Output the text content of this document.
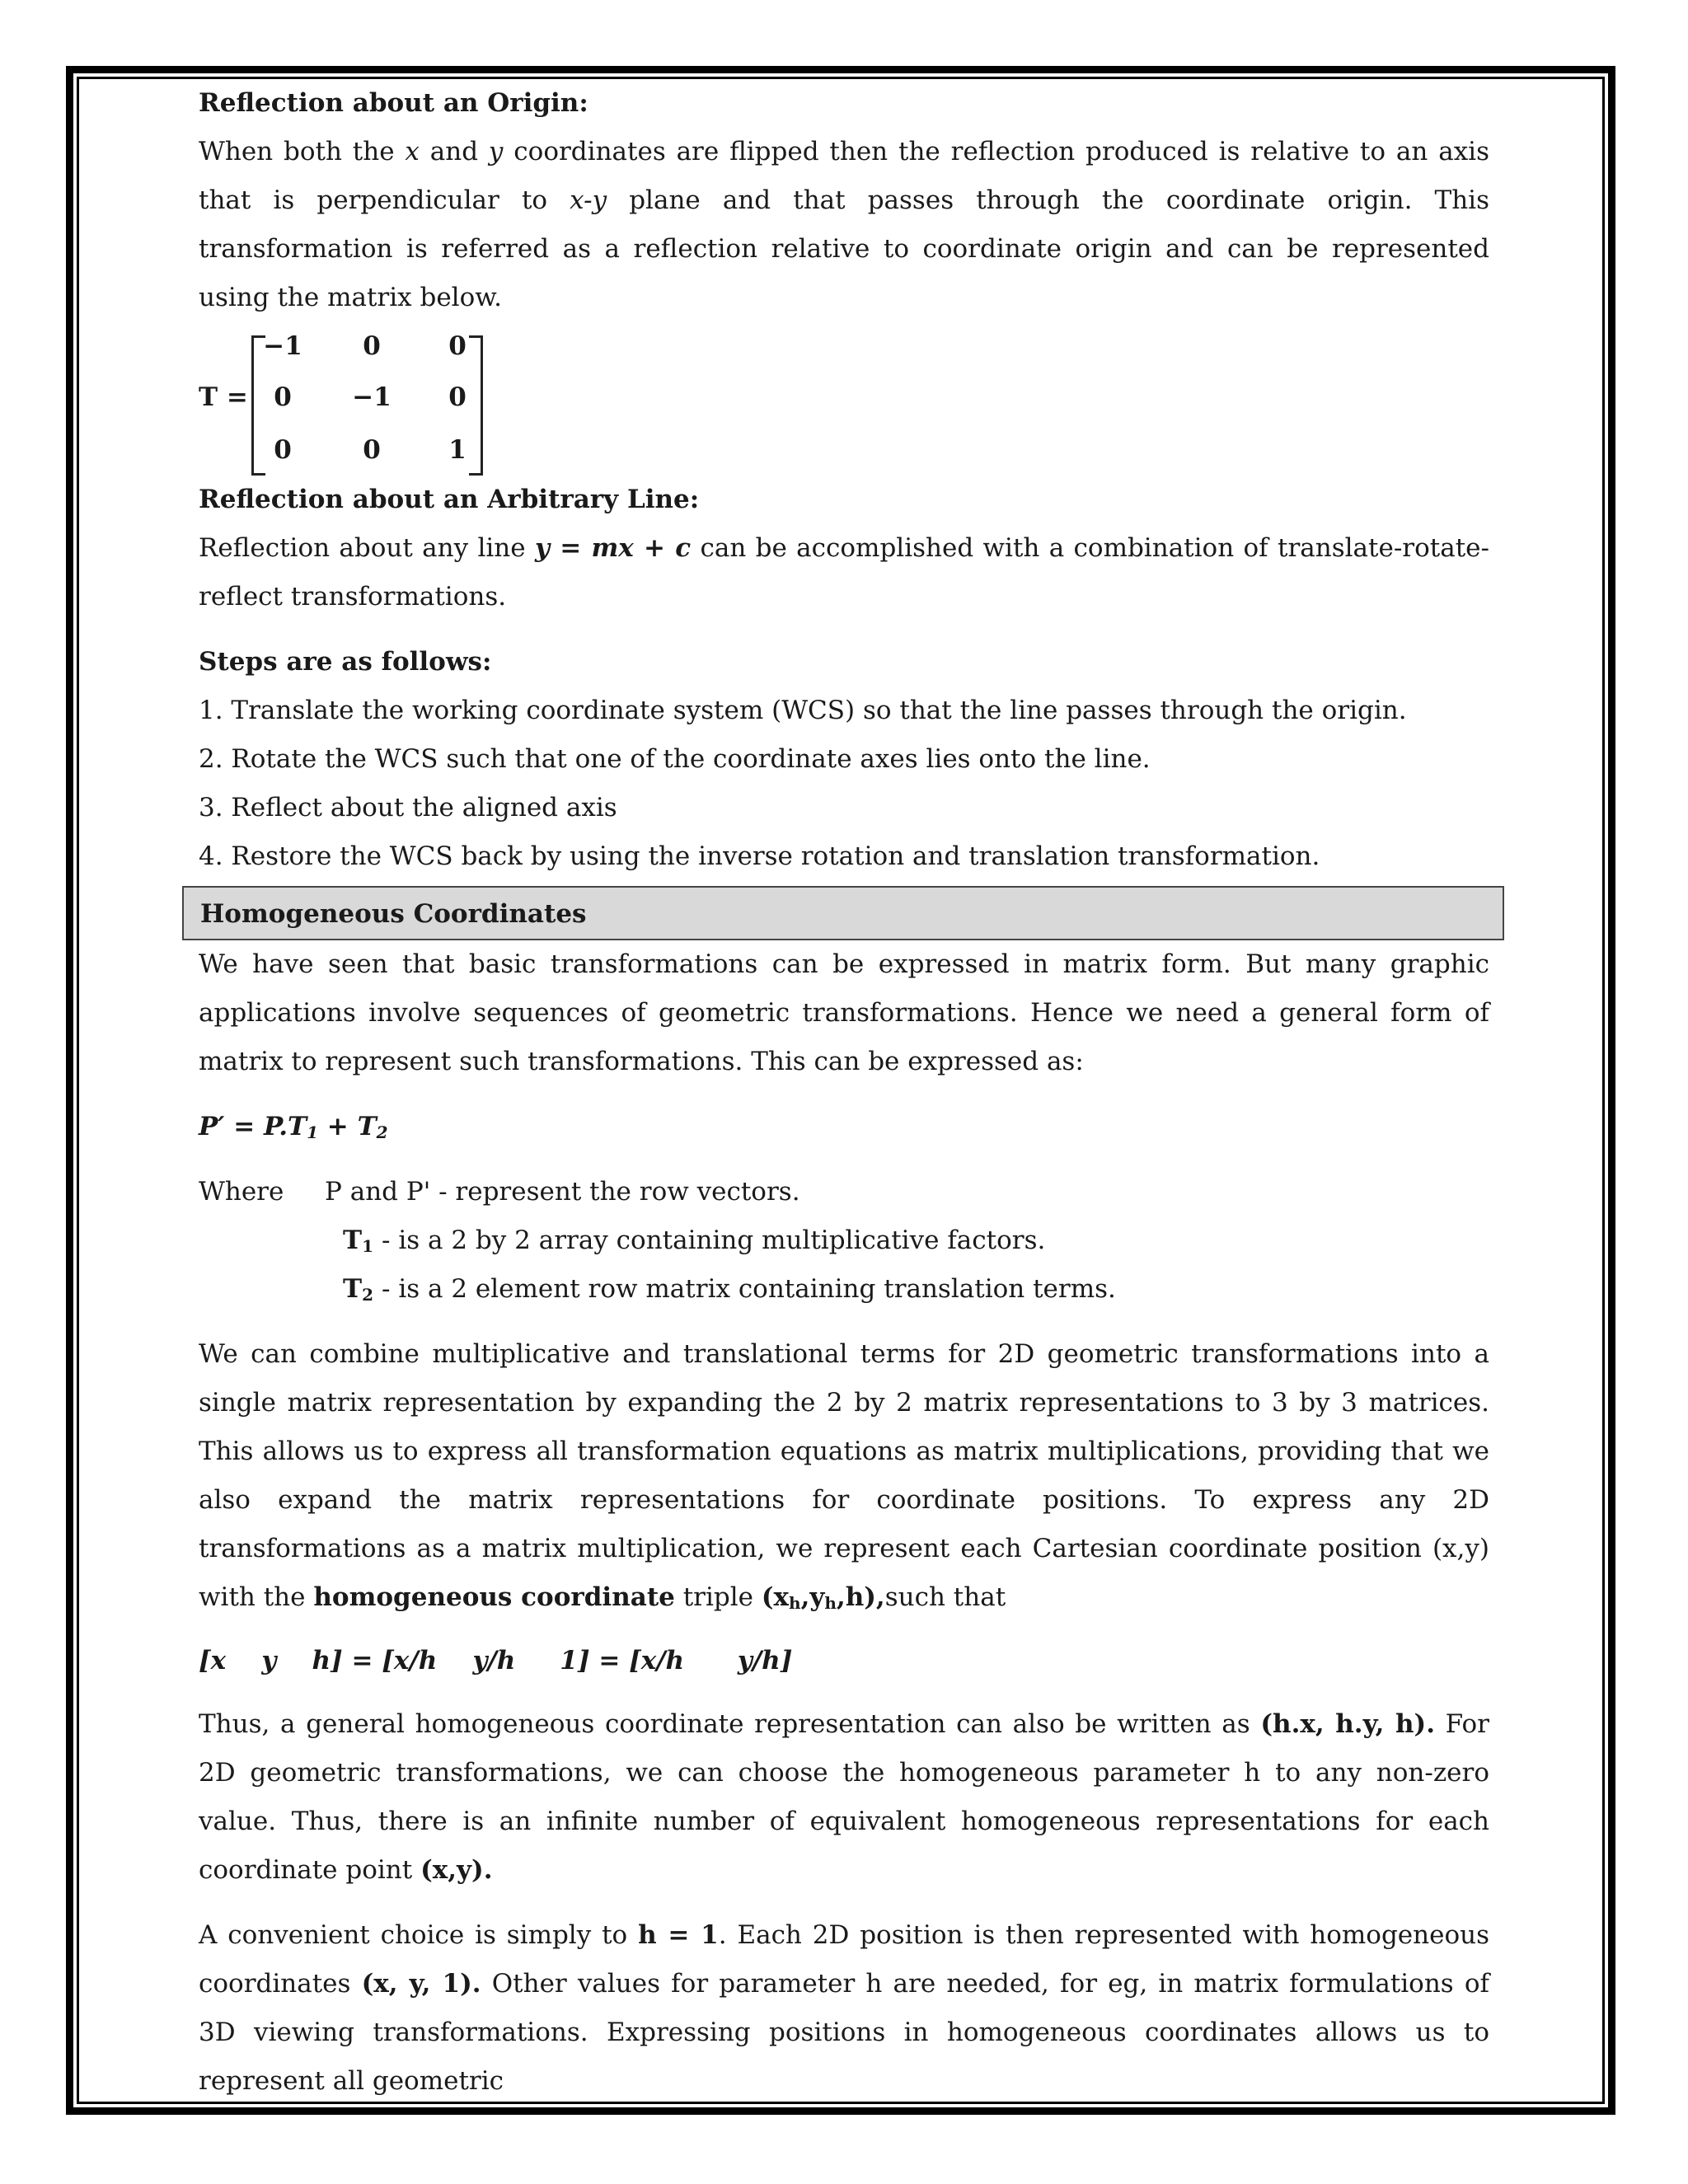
Reflection about an Origin:

When both the x and y coordinates are flipped then the reflection produced is relative to an axis that is perpendicular to x-y plane and that passes through the coordinate origin. This transformation is referred as a reflection relative to coordinate origin and can be represented using the matrix below.

T =
−1	0	0
0	−1	0
0	0	1

Reflection about an Arbitrary Line:

Reflection about any line y = mx + c can be accomplished with a combination of translate-rotate-reflect transformations.

Steps are as follows:

1. Translate the working coordinate system (WCS) so that the line passes through the origin.

2. Rotate the WCS such that one of the coordinate axes lies onto the line.

3. Reflect about the aligned axis

4. Restore the WCS back by using the inverse rotation and translation transformation.

Homogeneous Coordinates

We have seen that basic transformations can be expressed in matrix form. But many graphic applications involve sequences of geometric transformations. Hence we need a general form of matrix to represent such transformations. This can be expressed as:

$P' = P.T_1 + T_2$

Where P and P' - represent the row vectors.
$T_1$ - is a 2 by 2 array containing multiplicative factors.
$T_2$ - is a 2 element row matrix containing translation terms.

We can combine multiplicative and translational terms for 2D geometric transformations into a single matrix representation by expanding the 2 by 2 matrix representations to 3 by 3 matrices. This allows us to express all transformation equations as matrix multiplications, providing that we also expand the matrix representations for coordinate positions. To express any 2D transformations as a matrix multiplication, we represent each Cartesian coordinate position (x,y) with the homogeneous coordinate triple $(x_h,y_h,h),such$ that

[x    y    h] = [x/h    y/h     1] = [x/h      y/h]

Thus, a general homogeneous coordinate representation can also be written as (h.x, h.y, h). For 2D geometric transformations, we can choose the homogeneous parameter h to any non-zero value. Thus, there is an infinite number of equivalent homogeneous representations for each coordinate point (x,y).

A convenient choice is simply to h = 1. Each 2D position is then represented with homogeneous coordinates (x, y, 1). Other values for parameter h are needed, for eg, in matrix formulations of 3D viewing transformations. Expressing positions in homogeneous coordinates allows us to represent all geometric
